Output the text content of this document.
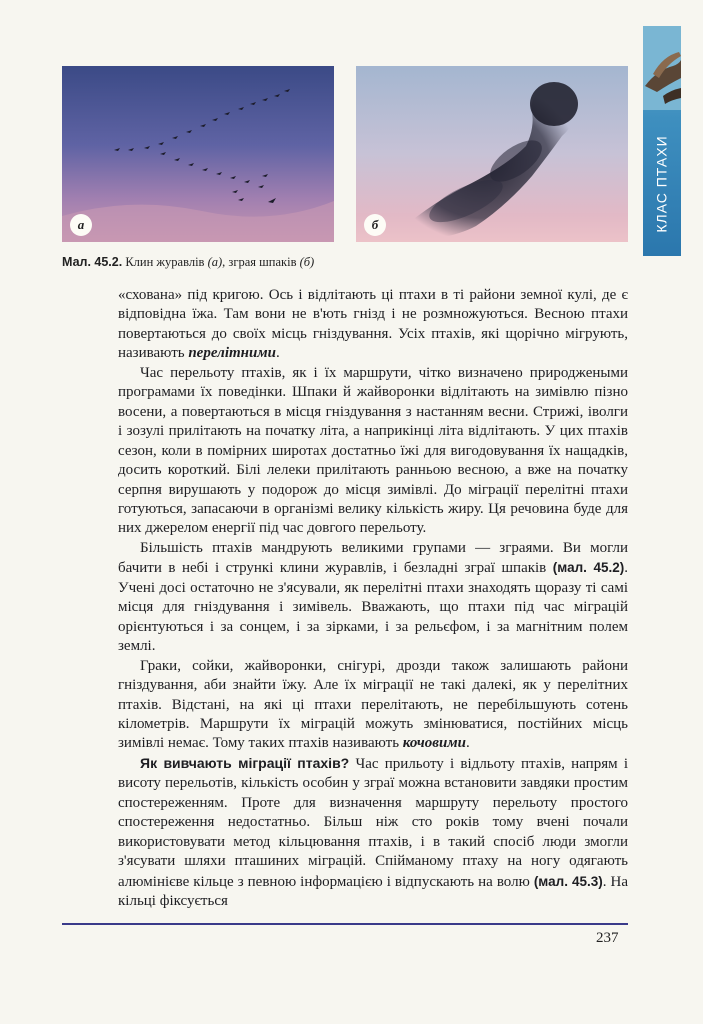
а	б	КЛАС ПТАХИ
Мал. 45.2. Клин журавлів (а), зграя шпаків (б)

«схована» під кригою. Ось і відлітають ці птахи в ті райони земної кулі, де є відповідна їжа. Там вони не в'ють гнізд і не розмножуються. Весною птахи повертаються до своїх місць гніздування. Усіх птахів, які щорічно мігрують, називають перелітними.

Час перельоту птахів, як і їх маршрути, чітко визначено природжеными програмами їх поведінки. Шпаки й жайворонки відлітають на зимівлю пізно восени, а повертаються в місця гніздування з настанням весни. Стрижі, іволги і зозулі прилітають на початку літа, а наприкінці літа відлітають. У цих птахів сезон, коли в помірних широтах достатньо їжі для вигодовування їх нащадків, досить короткий. Білі лелеки прилітають ранньою весною, а вже на початку серпня вирушають у подорож до місця зимівлі. До міграції перелітні птахи готуються, запасаючи в організмі велику кількість жиру. Ця речовина буде для них джерелом енергії під час довгого перельоту.

Більшість птахів мандрують великими групами — зграями. Ви могли бачити в небі і стрункі клини журавлів, і безладні зграї шпаків (мал. 45.2). Учені досі остаточно не з'ясували, як перелітні птахи знаходять щоразу ті самі місця для гніздування і зимівель. Вважають, що птахи під час міграцій орієнтуються і за сонцем, і за зірками, і за рельєфом, і за магнітним полем землі.

Граки, сойки, жайворонки, снігурі, дрозди також залишають райони гніздування, аби знайти їжу. Але їх міграції не такі далекі, як у перелітних птахів. Відстані, на які ці птахи перелітають, не перебільшують сотень кілометрів. Маршрути їх міграцій можуть змінюватися, постійних місць зимівлі немає. Тому таких птахів називають кочовими.

Як вивчають міграції птахів? Час прильоту і відльоту птахів, напрям і висоту перельотів, кількість особин у зграї можна встановити завдяки простим спостереженням. Проте для визначення маршруту перельоту простого спостереження недостатньо. Більш ніж сто років тому вчені почали використовувати метод кільцювання птахів, і в такий спосіб люди змогли з'ясувати шляхи пташиних міграцій. Спійманому птаху на ногу одягають алюмінієве кільце з певною інформацією і відпускають на волю (мал. 45.3). На кільці фіксується

237
